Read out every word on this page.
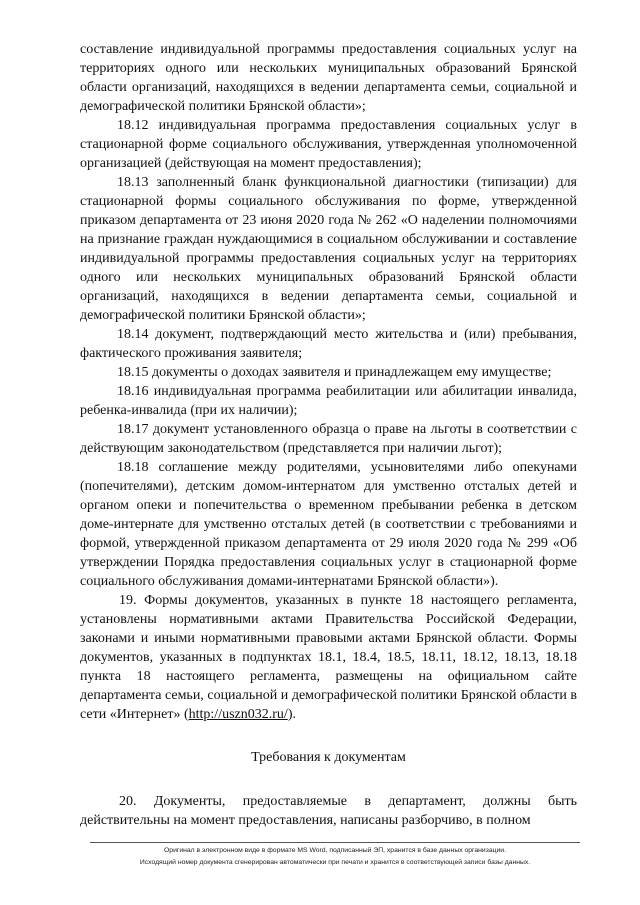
составление индивидуальной программы предоставления социальных услуг на территориях одного или нескольких муниципальных образований Брянской области организаций, находящихся в ведении департамента семьи, социальной и демографической политики Брянской области»;

18.12 индивидуальная программа предоставления социальных услуг в стационарной форме социального обслуживания, утвержденная уполномоченной организацией (действующая на момент предоставления);

18.13 заполненный бланк функциональной диагностики (типизации) для стационарной формы социального обслуживания по форме, утвержденной приказом департамента от 23 июня 2020 года № 262 «О наделении полномочиями на признание граждан нуждающимися в социальном обслуживании и составление индивидуальной программы предоставления социальных услуг на территориях одного или нескольких муниципальных образований Брянской области организаций, находящихся в ведении департамента семьи, социальной и демографической политики Брянской области»;

18.14 документ, подтверждающий место жительства и (или) пребывания, фактического проживания заявителя;

18.15 документы о доходах заявителя и принадлежащем ему имуществе;

18.16 индивидуальная программа реабилитации или абилитации инвалида, ребенка-инвалида (при их наличии);

18.17 документ установленного образца о праве на льготы в соответствии с действующим законодательством (представляется при наличии льгот);

18.18 соглашение между родителями, усыновителями либо опекунами (попечителями), детским домом-интернатом для умственно отсталых детей и органом опеки и попечительства о временном пребывании ребенка в детском доме-интернате для умственно отсталых детей (в соответствии с требованиями и формой, утвержденной приказом департамента от 29 июля 2020 года № 299 «Об утверждении Порядка предоставления социальных услуг в стационарной форме социального обслуживания домами-интернатами Брянской области»).

19. Формы документов, указанных в пункте 18 настоящего регламента, установлены нормативными актами Правительства Российской Федерации, законами и иными нормативными правовыми актами Брянской области. Формы документов, указанных в подпунктах 18.1, 18.4, 18.5, 18.11, 18.12, 18.13, 18.18 пункта 18 настоящего регламента, размещены на официальном сайте департамента семьи, социальной и демографической политики Брянской области в сети «Интернет» (http://uszn032.ru/).

Требования к документам

20. Документы, предоставляемые в департамент, должны быть действительны на момент предоставления, написаны разборчиво, в полном

Оригинал в электронном виде в формате MS Word, подписанный ЭП, хранится в базе данных организации.
Исходящий номер документа сгенерирован автоматически при печати и хранится в соответствующей записи базы данных.
